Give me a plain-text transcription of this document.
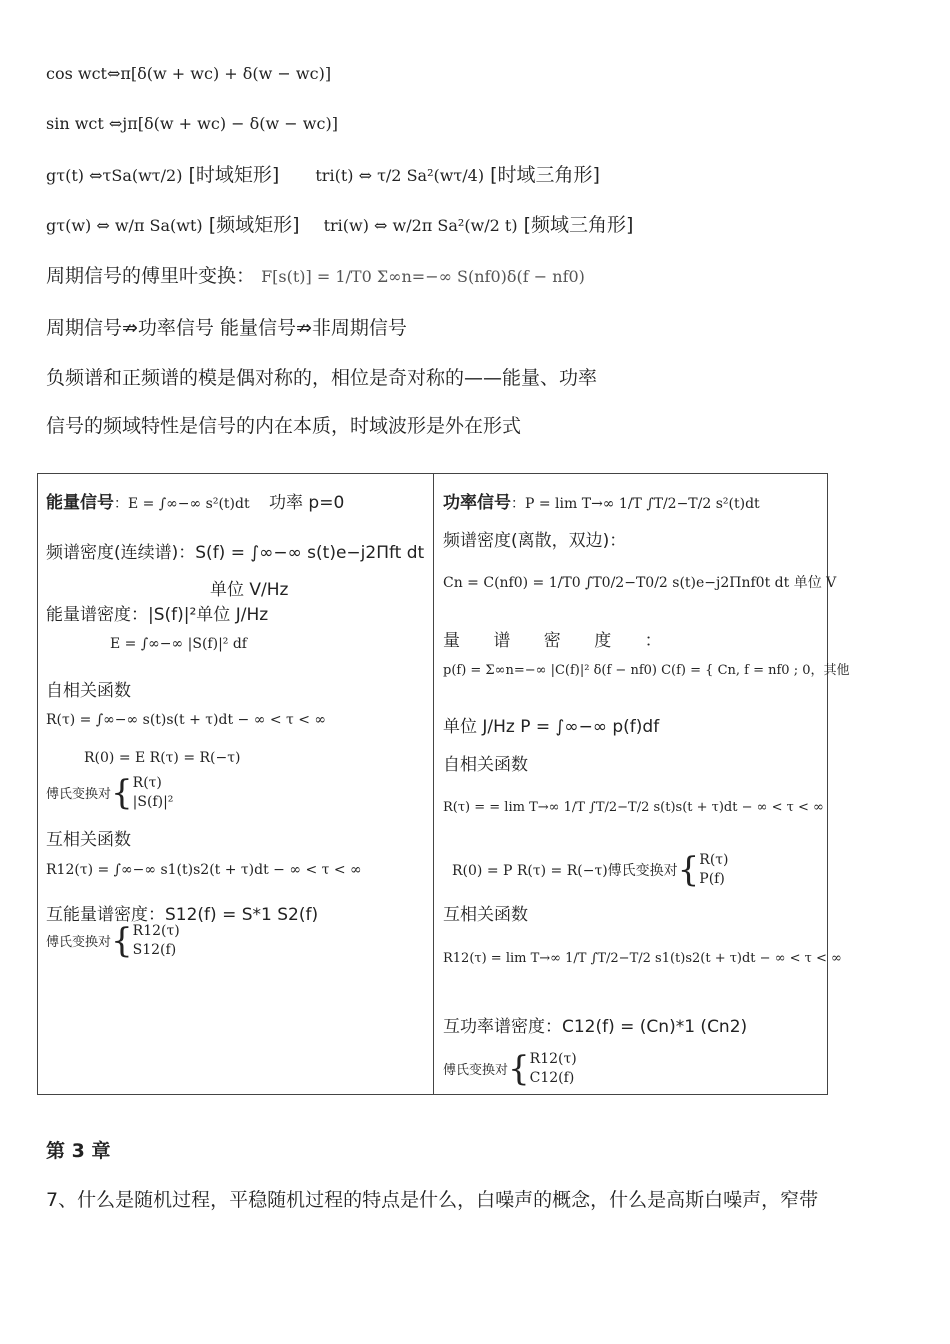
cos wct⇔π[δ(w + wc) + δ(w − wc)]
sin wct ⇔jπ[δ(w + wc) − δ(w − wc)]
gτ(t) ⇔τSa(wτ/2) [时域矩形] tri(t) ⇔ τ/2 Sa²(wτ/4) [时域三角形]
gτ(w) ⇔ w/π Sa(wt) [频域矩形] tri(w) ⇔ w/2π Sa²(w/2 t) [频域三角形]
周期信号的傅里叶变换： F[s(t)] = 1/T0 Σ∞n=−∞ S(nf0)δ(f − nf0)
周期信号⇏功率信号 能量信号⇏非周期信号
负频谱和正频谱的模是偶对称的，相位是奇对称的——能量、功率
信号的频域特性是信号的内在本质，时域波形是外在形式
能量信号：E = ∫∞−∞ s²(t)dt 功率 p=0
频谱密度(连续谱)：S(f) = ∫∞−∞ s(t)e−j2Πft dt
单位 V/Hz
能量谱密度：|S(f)|²单位 J/Hz
E = ∫∞−∞ |S(f)|² df
自相关函数
R(τ) = ∫∞−∞ s(t)s(t + τ)dt − ∞ < τ < ∞
R(0) = E R(τ) = R(−τ)
傅氏变换对{R(τ)
|S(f)|²
互相关函数
R12(τ) = ∫∞−∞ s1(t)s2(t + τ)dt − ∞ < τ < ∞
互能量谱密度：S12(f) = S*1 S2(f)
傅氏变换对{R12(τ)
S12(f)
功率信号：P = lim T→∞ 1/T ∫T/2−T/2 s²(t)dt
频谱密度(离散，双边)：
Cn = C(nf0) = 1/T0 ∫T0/2−T0/2 s(t)e−j2Πnf0t dt 单位 V
量 谱 密 度 ：
p(f) = Σ∞n=−∞ |C(f)|² δ(f − nf0) C(f) = { Cn, f = nf0 ; 0，其他
单位 J/Hz P = ∫∞−∞ p(f)df
自相关函数
R(τ) = = lim T→∞ 1/T ∫T/2−T/2 s(t)s(t + τ)dt − ∞ < τ < ∞
R(0) = P R(τ) = R(−τ)傅氏变换对{R(τ)
P(f)
互相关函数
R12(τ) = lim T→∞ 1/T ∫T/2−T/2 s1(t)s2(t + τ)dt − ∞ < τ < ∞
互功率谱密度：C12(f) = (Cn)*1 (Cn2)
傅氏变换对{R12(τ)
C12(f)
第 3 章
7、什么是随机过程，平稳随机过程的特点是什么，白噪声的概念，什么是高斯白噪声，窄带
